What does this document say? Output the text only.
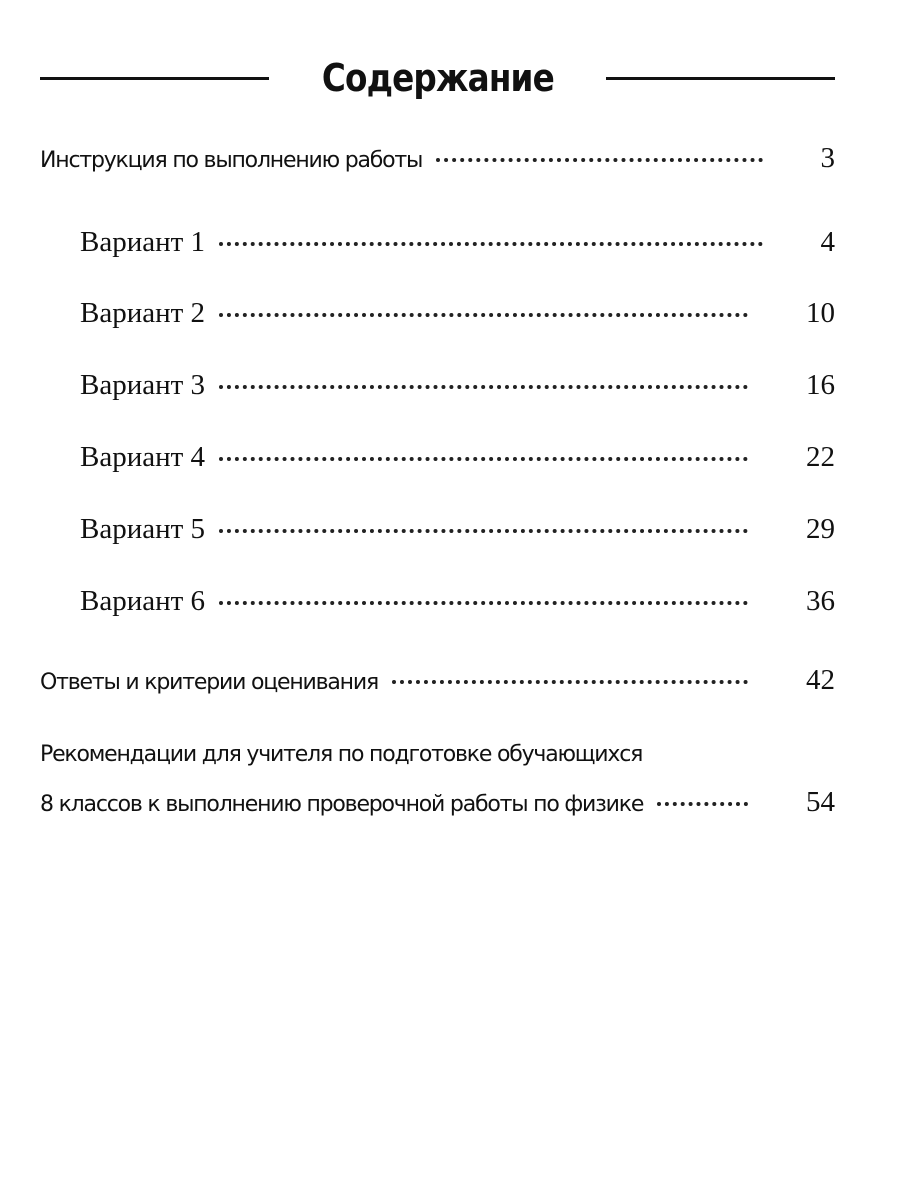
Содержание
Инструкция по выполнению работы	3
Вариант 1	4
Вариант 2	10
Вариант 3	16
Вариант 4	22
Вариант 5	29
Вариант 6	36
Ответы и критерии оценивания	42
Рекомендации для учителя по подготовке обучающихся
8 классов к выполнению проверочной работы по физике	54
